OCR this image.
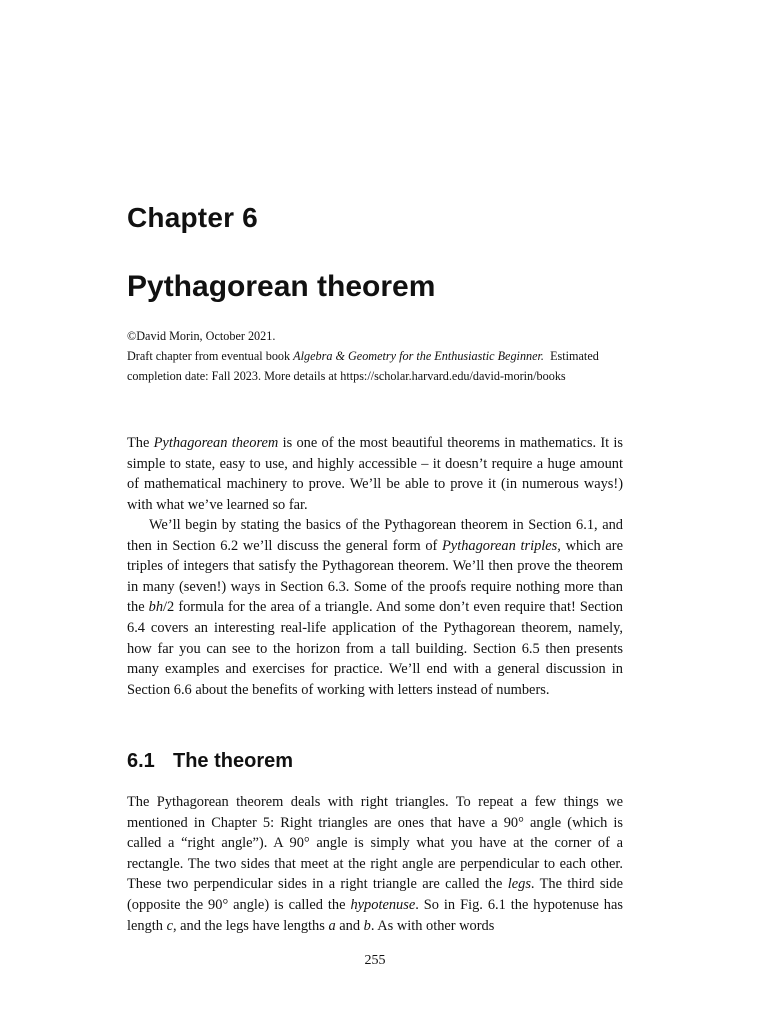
Chapter 6
Pythagorean theorem
©David Morin, October 2021.
Draft chapter from eventual book Algebra & Geometry for the Enthusiastic Beginner.  Estimated
completion date: Fall 2023. More details at https://scholar.harvard.edu/david-morin/books

The Pythagorean theorem is one of the most beautiful theorems in mathematics. It is simple to state, easy to use, and highly accessible – it doesn’t require a huge amount of mathematical machinery to prove. We’ll be able to prove it (in numerous ways!) with what we’ve learned so far.

We’ll begin by stating the basics of the Pythagorean theorem in Section 6.1, and then in Section 6.2 we’ll discuss the general form of Pythagorean triples, which are triples of integers that satisfy the Pythagorean theorem. We’ll then prove the theorem in many (seven!) ways in Section 6.3. Some of the proofs require nothing more than the bh/2 formula for the area of a triangle. And some don’t even require that! Section 6.4 covers an interesting real-life application of the Pythagorean theorem, namely, how far you can see to the horizon from a tall building. Section 6.5 then presents many examples and exercises for practice. We’ll end with a general discussion in Section 6.6 about the benefits of working with letters instead of numbers.

6.1 The theorem

The Pythagorean theorem deals with right triangles. To repeat a few things we mentioned in Chapter 5: Right triangles are ones that have a 90° angle (which is called a “right angle”). A 90° angle is simply what you have at the corner of a rectangle. The two sides that meet at the right angle are perpendicular to each other. These two perpendicular sides in a right triangle are called the legs. The third side (opposite the 90° angle) is called the hypotenuse. So in Fig. 6.1 the hypotenuse has length c, and the legs have lengths a and b. As with other words

255
